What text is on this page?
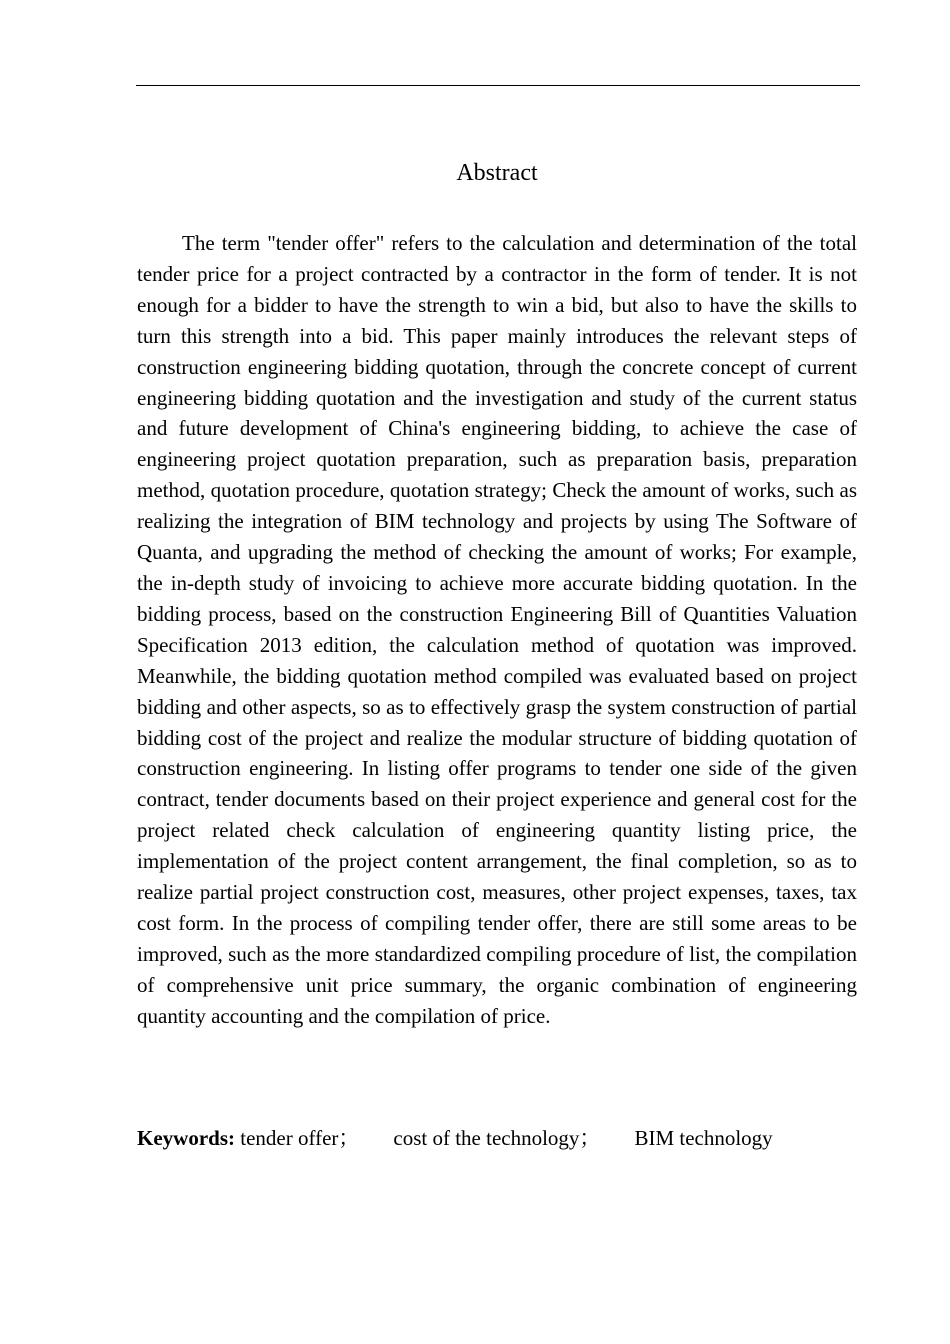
Abstract

The term "tender offer" refers to the calculation and determination of the total tender price for a project contracted by a contractor in the form of tender. It is not enough for a bidder to have the strength to win a bid, but also to have the skills to turn this strength into a bid. This paper mainly introduces the relevant steps of construction engineering bidding quotation, through the concrete concept of current engineering bidding quotation and the investigation and study of the current status and future development of China's engineering bidding, to achieve the case of engineering project quotation preparation, such as preparation basis, preparation method, quotation procedure, quotation strategy; Check the amount of works, such as realizing the integration of BIM technology and projects by using The Software of Quanta, and upgrading the method of checking the amount of works; For example, the in-depth study of invoicing to achieve more accurate bidding quotation. In the bidding process, based on the construction Engineering Bill of Quantities Valuation Specification 2013 edition, the calculation method of quotation was improved. Meanwhile, the bidding quotation method compiled was evaluated based on project bidding and other aspects, so as to effectively grasp the system construction of partial bidding cost of the project and realize the modular structure of bidding quotation of construction engineering. In listing offer programs to tender one side of the given contract, tender documents based on their project experience and general cost for the project related check calculation of engineering quantity listing price, the implementation of the project content arrangement, the final completion, so as to realize partial project construction cost, measures, other project expenses, taxes, tax cost form. In the process of compiling tender offer, there are still some areas to be improved, such as the more standardized compiling procedure of list, the compilation of comprehensive unit price summary, the organic combination of engineering quantity accounting and the compilation of price.

Keywords: tender offer； cost of the technology； BIM technology
